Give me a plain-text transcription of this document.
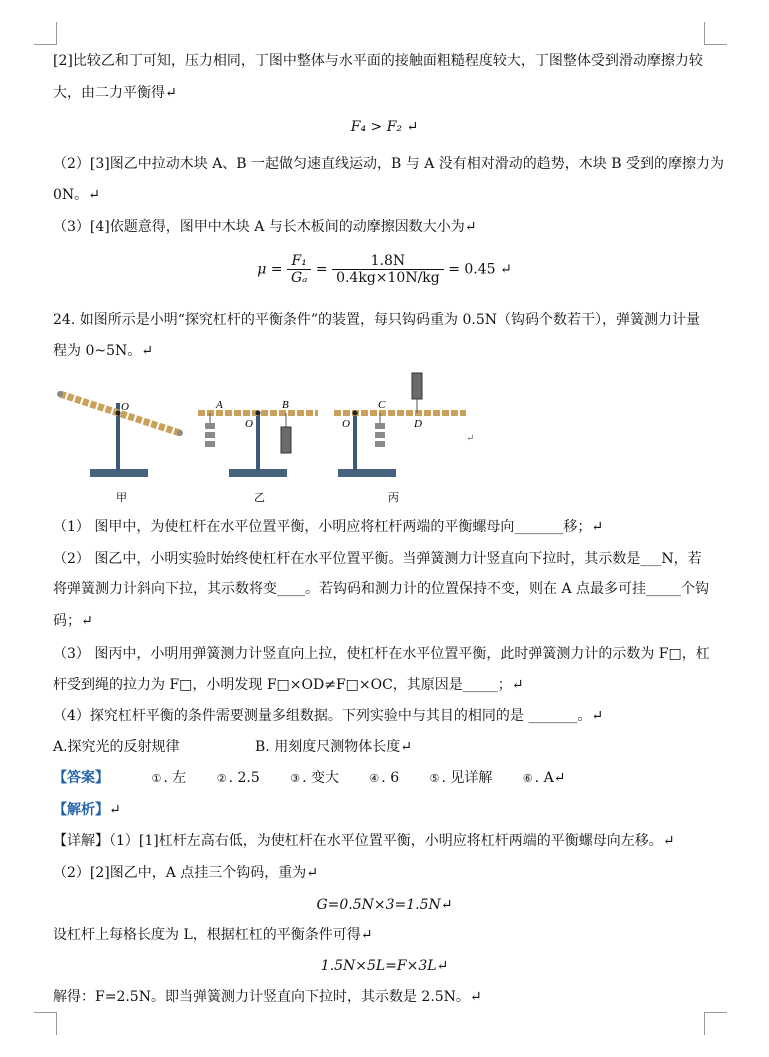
[2]比较乙和丁可知，压力相同，丁图中整体与水平面的接触面粗糙程度较大，丁图整体受到滑动摩擦力较
大，由二力平衡得↵
F₄ > F₂ ↵
（2）[3]图乙中拉动木块 A、B 一起做匀速直线运动，B 与 A 没有相对滑动的趋势，木块 B 受到的摩擦力为
0N。↵
（3）[4]依题意得，图甲中木块 A 与长木板间的动摩擦因数大小为↵
$\mu = \frac{\text{F₁}}{\text{Gₐ}} = \frac{1.8N}{0.4kg\times 10N/kg} = 0.45$ ↵
24. 如图所示是小明“探究杠杆的平衡条件”的装置，每只钩码重为 0.5N（钩码个数若干），弹簧测力计量
程为 0~5N。↵
O
甲
A	B
O
乙
C
O	D
丙
↵
（1） 图甲中，为使杠杆在水平位置平衡，小明应将杠杆两端的平衡螺母向_______移；↵
（2） 图乙中，小明实验时始终使杠杆在水平位置平衡。当弹簧测力计竖直向下拉时，其示数是___N，若
将弹簧测力计斜向下拉，其示数将变____。若钩码和测力计的位置保持不变，则在 A 点最多可挂_____个钩
码；↵
（3） 图丙中，小明用弹簧测力计竖直向上拉，使杠杆在水平位置平衡，此时弹簧测力计的示数为 F□，杠
杆受到绳的拉力为 F□，小明发现 F□×OD≠F□×OC，其原因是_____；↵
（4）探究杠杆平衡的条件需要测量多组数据。下列实验中与其目的相同的是 _______。↵
A.探究光的反射规律	B. 用刻度尺测物体长度↵
【答案】	① . 左	② . 2.5	③ . 变大	④ . 6	⑤ . 见详解	⑥ . A↵
【解析】↵
【详解】（1）[1]杠杆左高右低，为使杠杆在水平位置平衡，小明应将杠杆两端的平衡螺母向左移。↵
（2）[2]图乙中，A 点挂三个钩码，重为↵
G=0.5N×3=1.5N↵
设杠杆上每格长度为 L，根据杠杠的平衡条件可得↵
1.5N×5L=F×3L↵
解得：F=2.5N。即当弹簧测力计竖直向下拉时，其示数是 2.5N。↵
